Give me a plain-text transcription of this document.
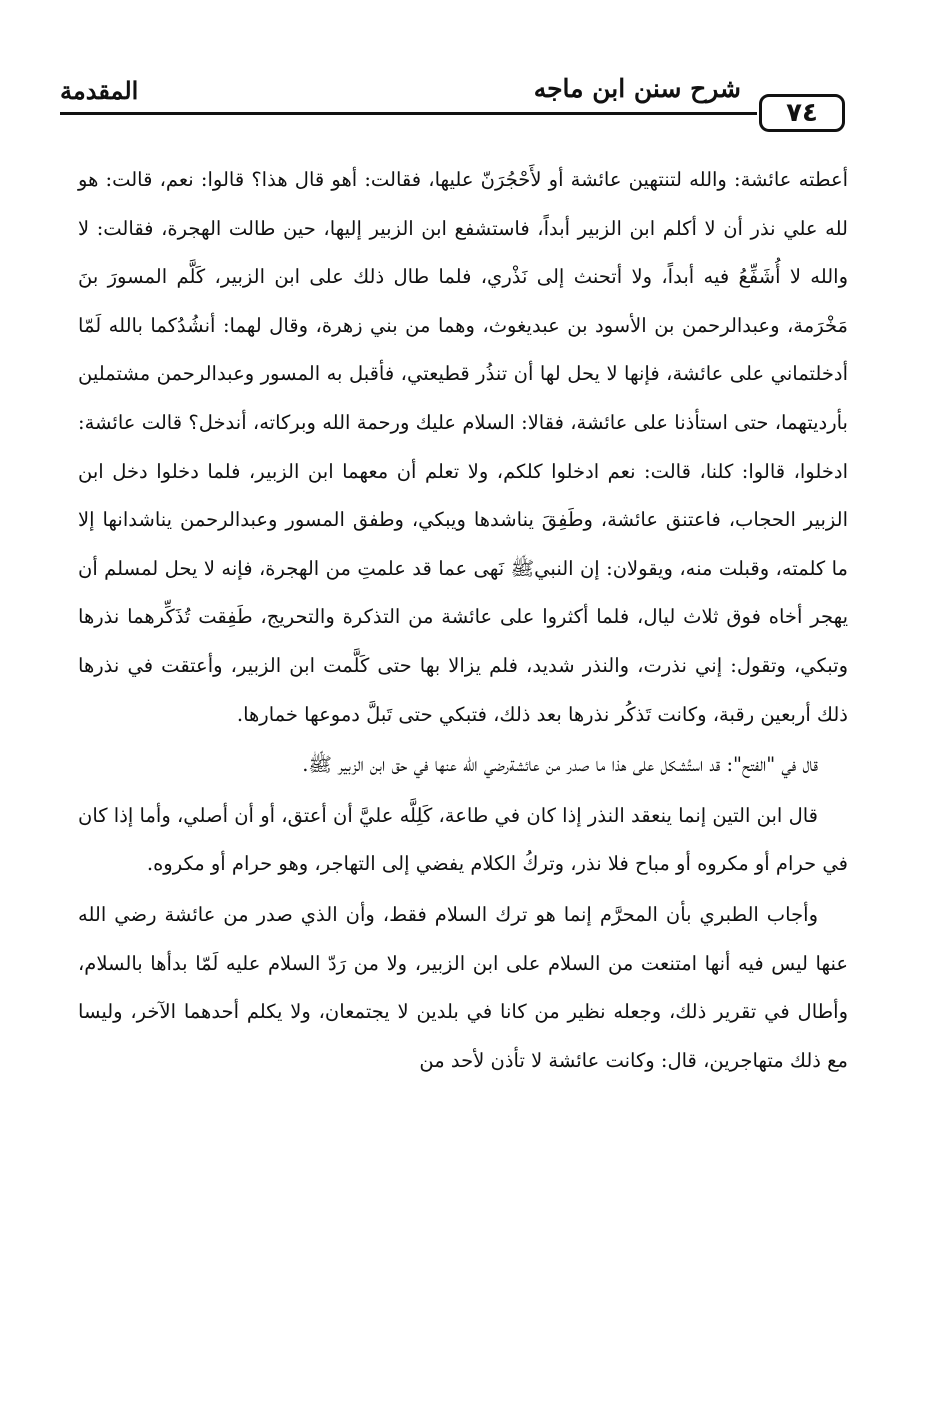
المقدمة	شرح سنن ابن ماجه
٧٤

أعطته عائشة: والله لتنتهين عائشة أو لأَحْجُرَنّ عليها، فقالت: أهو قال هذا؟ قالوا: نعم، قالت: هو لله علي نذر أن لا أكلم ابن الزبير أبداً، فاستشفع ابن الزبير إليها، حين طالت الهجرة، فقالت: لا والله لا أُشَفِّعُ فيه أبداً، ولا أتحنث إلى نَذْري، فلما طال ذلك على ابن الزبير، كَلَّم المسورَ بنَ مَخْرَمة، وعبدالرحمن بن الأسود بن عبديغوث، وهما من بني زهرة، وقال لهما: أنشُدُكما بالله لَمّا أدخلتماني على عائشة، فإنها لا يحل لها أن تنذُر قطيعتي، فأقبل به المسور وعبدالرحمن مشتملين بأرديتهما، حتى استأذنا على عائشة، فقالا: السلام عليك ورحمة الله وبركاته، أندخل؟ قالت عائشة: ادخلوا، قالوا: كلنا، قالت: نعم ادخلوا كلكم، ولا تعلم أن معهما ابن الزبير، فلما دخلوا دخل ابن الزبير الحجاب، فاعتنق عائشة، وطَفِقَ يناشدها ويبكي، وطفق المسور وعبدالرحمن يناشدانها إلا ما كلمته، وقبلت منه، ويقولان: إن النبيﷺ نَهى عما قد علمتِ من الهجرة، فإنه لا يحل لمسلم أن يهجر أخاه فوق ثلاث ليال، فلما أكثروا على عائشة من التذكرة والتحريج، طَفِقت تُذَكِّرهما نذرها وتبكي، وتقول: إني نذرت، والنذر شديد، فلم يزالا بها حتى كَلَّمت ابن الزبير، وأعتقت في نذرها ذلك أربعين رقبة، وكانت تَذكُر نذرها بعد ذلك، فتبكي حتى تَبلَّ دموعها خمارها.

قال في "الفتح": قد استُشكل على هذا ما صدر من عائشةرضي الله عنها في حق ابن الزبير ﷺ.

قال ابن التين إنما ينعقد النذر إذا كان في طاعة، كَلِلَّه عليَّ أن أعتق، أو أن أصلي، وأما إذا كان في حرام أو مكروه أو مباح فلا نذر، وتركُ الكلام يفضي إلى التهاجر، وهو حرام أو مكروه.

وأجاب الطبري بأن المحرَّم إنما هو ترك السلام فقط، وأن الذي صدر من عائشة رضي الله عنها ليس فيه أنها امتنعت من السلام على ابن الزبير، ولا من رَدّ السلام عليه لَمّا بدأها بالسلام، وأطال في تقرير ذلك، وجعله نظير من كانا في بلدين لا يجتمعان، ولا يكلم أحدهما الآخر، وليسا مع ذلك متهاجرين، قال: وكانت عائشة لا تأذن لأحد من
